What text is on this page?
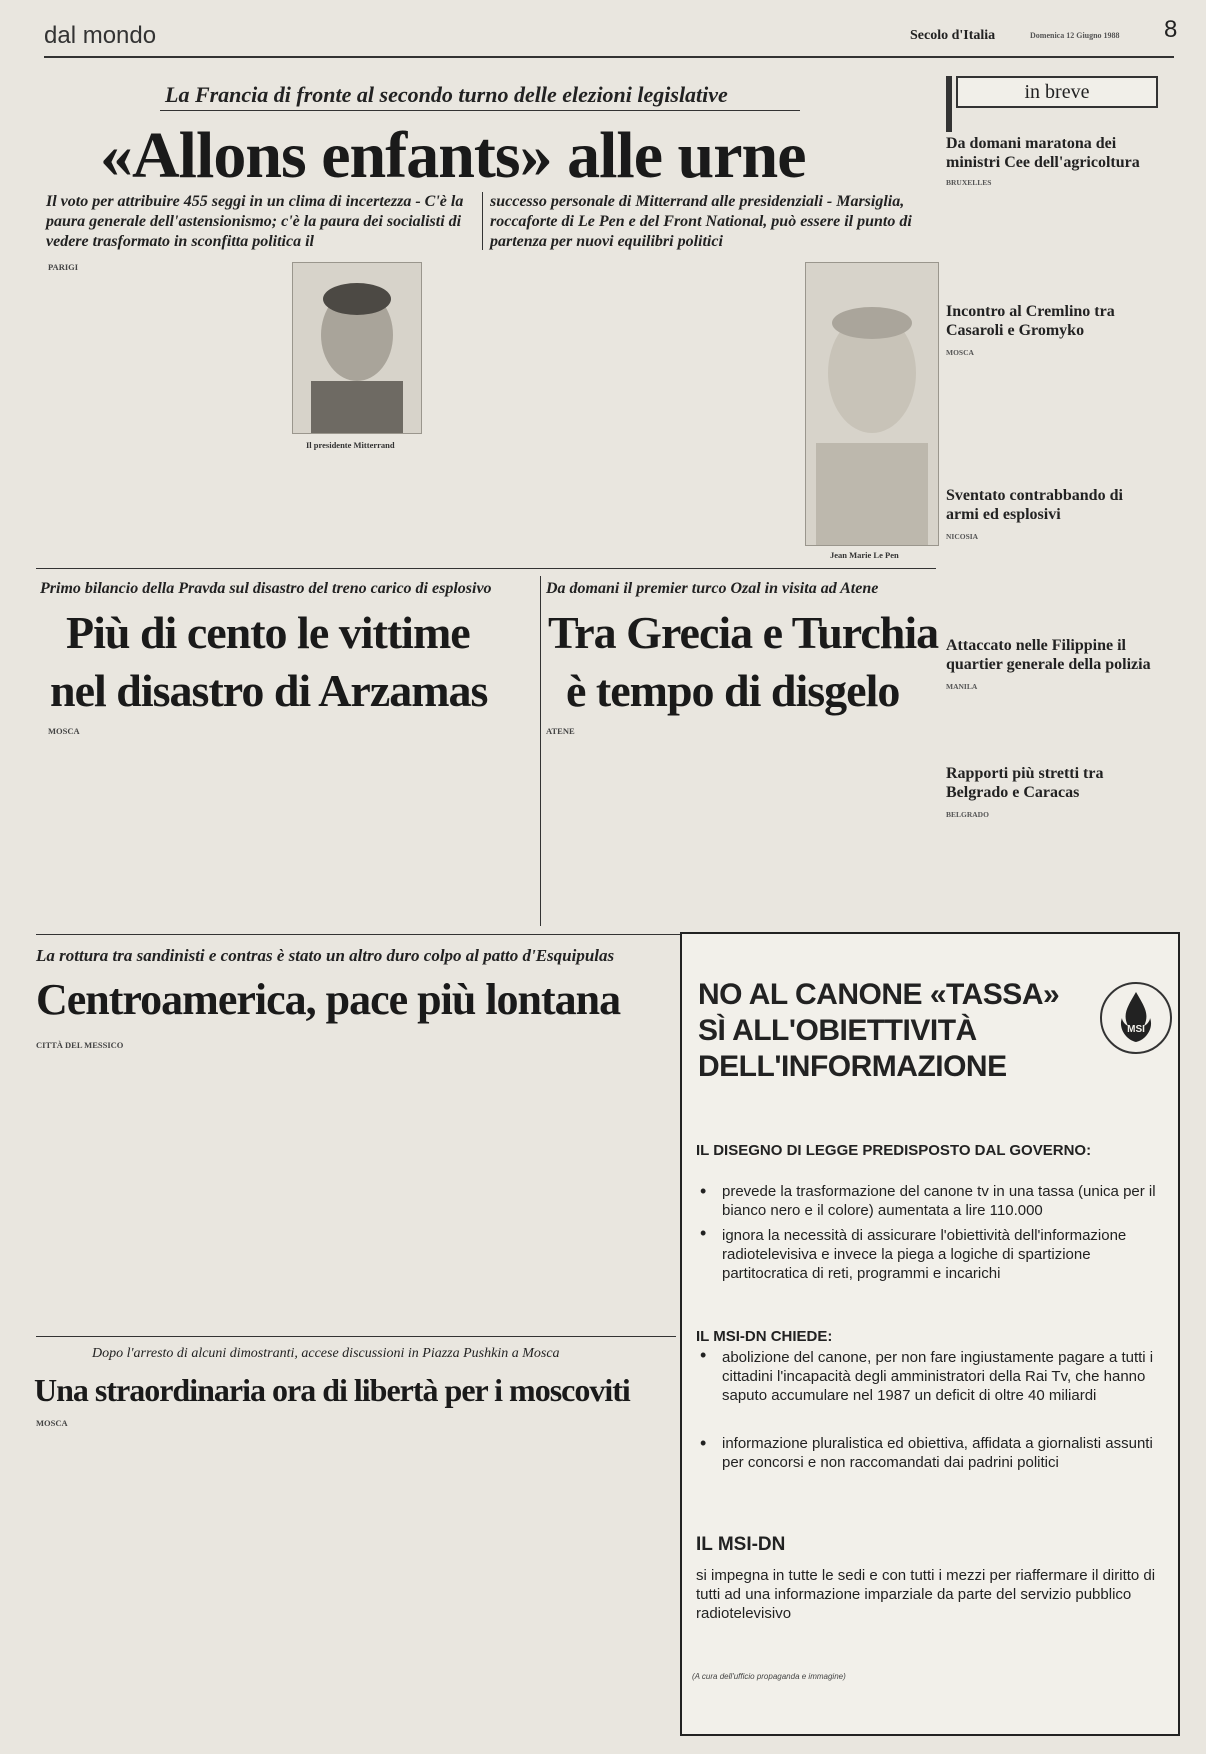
dal mondo	Secolo d'Italia	Domenica 12 Giugno 1988 8
La Francia di fronte al secondo turno delle elezioni legislative
«Allons enfants» alle urne
Il voto per attribuire 455 seggi in un clima di incertezza - C'è la paura generale dell'astensionismo; c'è la paura dei socialisti di vedere trasformato in sconfitta politica il
successo personale di Mitterrand alle presidenziali - Marsiglia, roccaforte di Le Pen e del Front National, può essere il punto di partenza per nuovi equilibri politici

PARIGI

Il presidente Mitterrand
Jean Marie Le Pen
in breve
Da domani maratona dei ministri Cee dell'agricoltura
BRUXELLES
Incontro al Cremlino tra Casaroli e Gromyko
MOSCA
Sventato contrabbando di armi ed esplosivi
NICOSIA
Attaccato nelle Filippine il quartier generale della polizia
MANILA
Rapporti più stretti tra Belgrado e Caracas
BELGRADO
Primo bilancio della Pravda sul disastro del treno carico di esplosivo
Più di cento le vittime
nel disastro di Arzamas

MOSCA

Da domani il premier turco Ozal in visita ad Atene
Tra Grecia e Turchia
è tempo di disgelo

ATENE

La rottura tra sandinisti e contras è stato un altro duro colpo al patto d'Esquipulas
Centroamerica, pace più lontana

CITTÀ DEL MESSICO

Dopo l'arresto di alcuni dimostranti, accese discussioni in Piazza Pushkin a Mosca
Una straordinaria ora di libertà per i moscoviti

MOSCA

NO AL CANONE «TASSA»
SÌ ALL'OBIETTIVITÀ
DELL'INFORMAZIONE
MSI
IL DISEGNO DI LEGGE PREDISPOSTO DAL GOVERNO:
• prevede la trasformazione del canone tv in una tassa (unica per il bianco nero e il colore) aumentata a lire 110.000
• ignora la necessità di assicurare l'obiettività dell'informazione radiotelevisiva e invece la piega a logiche di spartizione partitocratica di reti, programmi e incarichi
IL MSI-DN CHIEDE:
• abolizione del canone, per non fare ingiustamente pagare a tutti i cittadini l'incapacità degli amministratori della Rai Tv, che hanno saputo accumulare nel 1987 un deficit di oltre 40 miliardi
• informazione pluralistica ed obiettiva, affidata a giornalisti assunti per concorsi e non raccomandati dai padrini politici
IL MSI-DN
si impegna in tutte le sedi e con tutti i mezzi per riaffermare il diritto di tutti ad una informazione imparziale da parte del servizio pubblico radiotelevisivo
(A cura dell'ufficio propaganda e immagine)
